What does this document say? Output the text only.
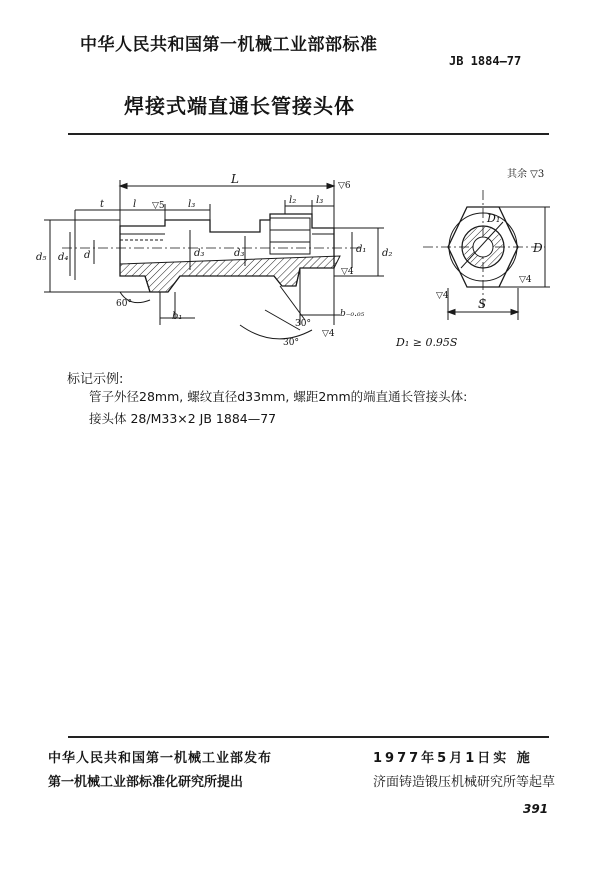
中华人民共和国第一机械工业部部标准
JB 1884—77
焊接式端直通长管接头体
L
t	l	l₃	l₂ l₃
▽5
▽6
d₅ d₄ d	d₃	d₃	d₁ d₂
▽4
60°
b₁	b₋₀.₀₅
30°
30°
▽4
其余 ▽3
D₁
D
S
▽4
▽4
D₁ ≥ 0.95S
标记示例:
管子外径28mm, 螺纹直径d33mm, 螺距2mm的端直通长管接头体:
接头体 28/M33×2 JB 1884—77
中华人民共和国第一机械工业部发布
第一机械工业部标准化研究所提出
1977年5月1日实 施
济面铸造锻压机械研究所等起草
391
